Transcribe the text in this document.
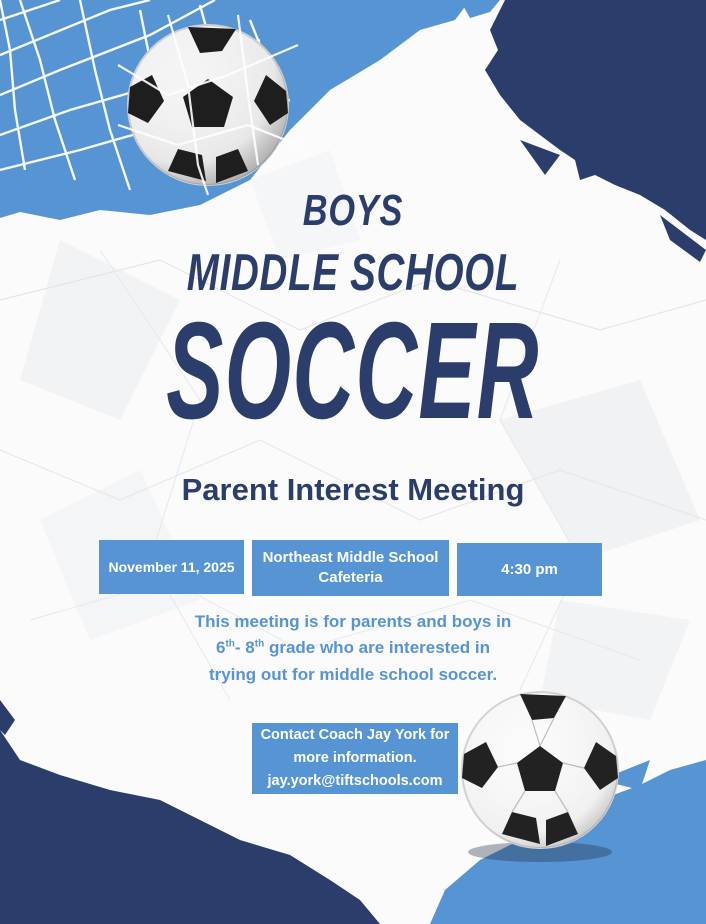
BOYS
MIDDLE SCHOOL
SOCCER
Parent Interest Meeting
November 11, 2025
Northeast Middle School
Cafeteria	4:30 pm
This meeting is for parents and boys in
6th- 8th grade who are interested in
trying out for middle school soccer.
Contact Coach Jay York for
more information.
jay.york@tiftschools.com
